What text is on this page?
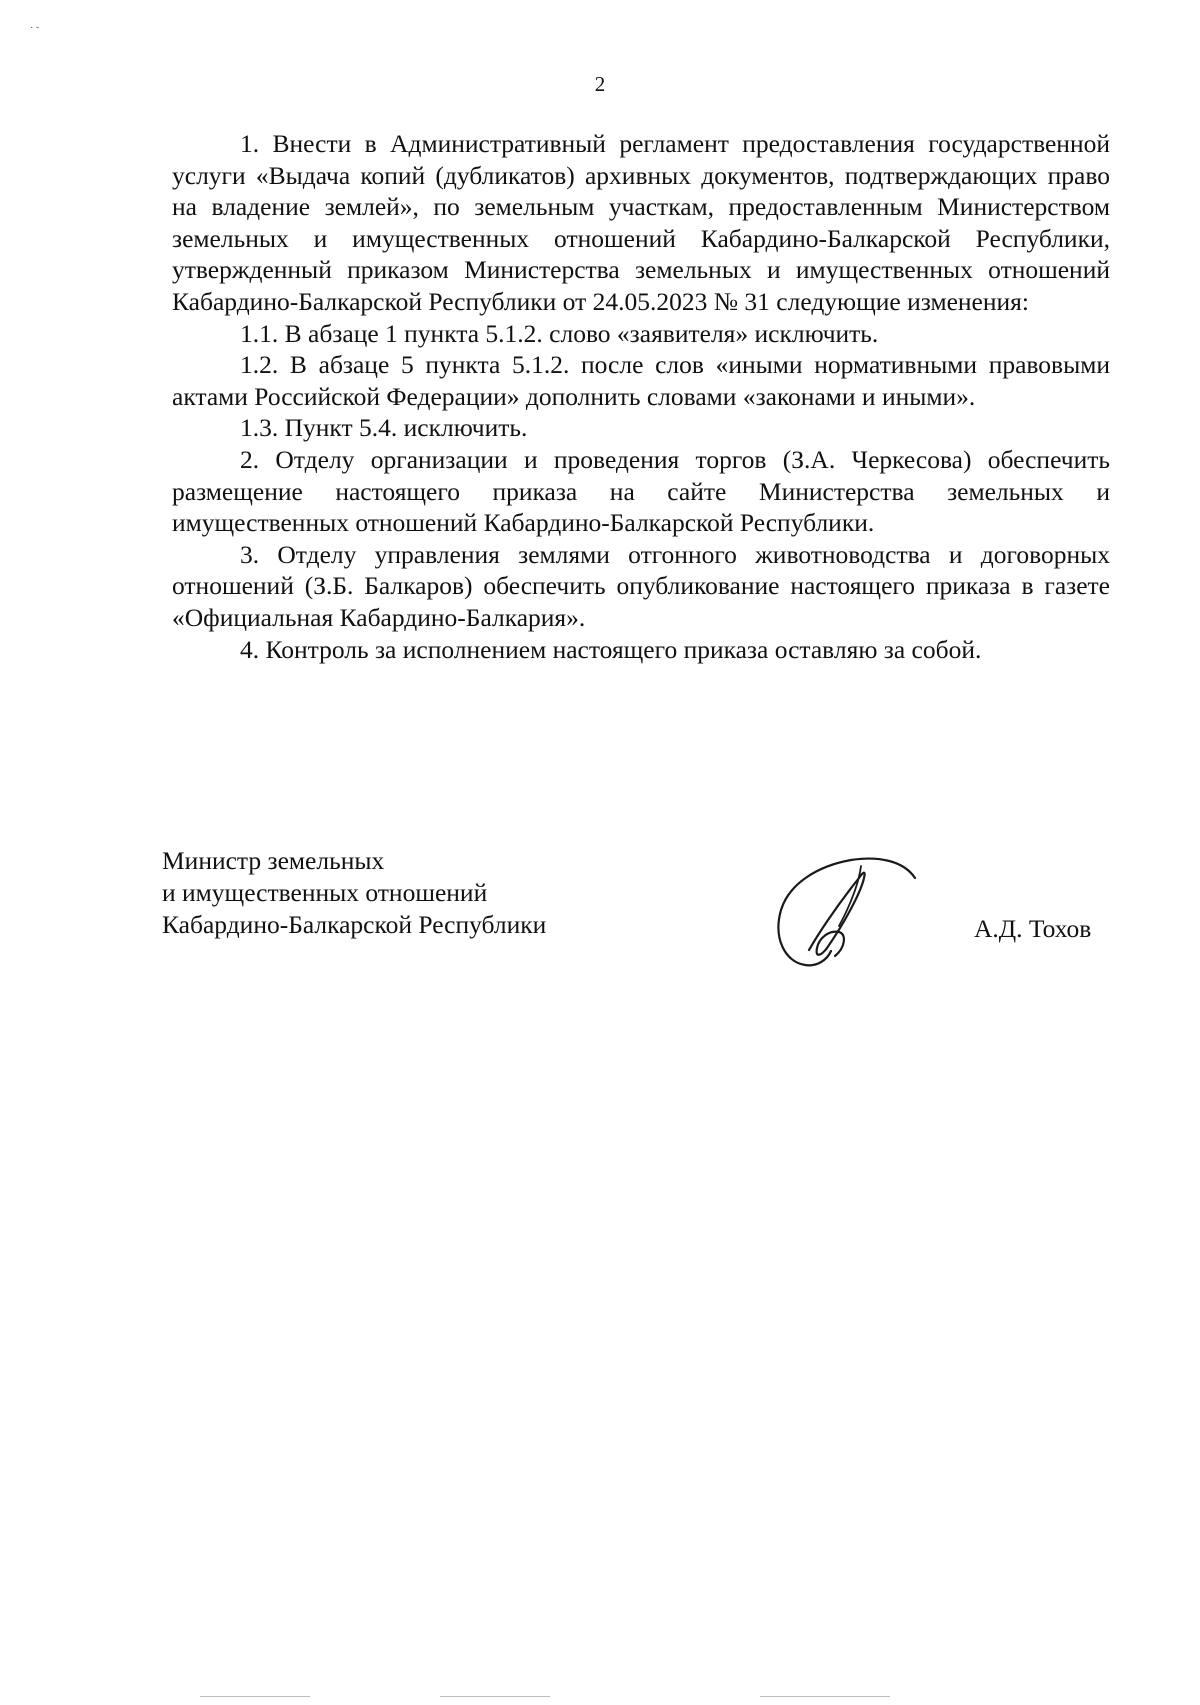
˙ ˘
2

1. Внести в Административный регламент предоставления государственной услуги «Выдача копий (дубликатов) архивных документов, подтверждающих право на владение землей», по земельным участкам, предоставленным Министерством земельных и имущественных отношений Кабардино-Балкарской Республики, утвержденный приказом Министерства земельных и имущественных отношений Кабардино-Балкарской Республики от 24.05.2023 № 31 следующие изменения:

1.1. В абзаце 1 пункта 5.1.2. слово «заявителя» исключить.

1.2. В абзаце 5 пункта 5.1.2. после слов «иными нормативными правовыми актами Российской Федерации» дополнить словами «законами и иными».

1.3. Пункт 5.4. исключить.

2. Отделу организации и проведения торгов (З.А. Черкесова) обеспечить размещение настоящего приказа на сайте Министерства земельных и имущественных отношений Кабардино-Балкарской Республики.

3. Отделу управления землями отгонного животноводства и договорных отношений (З.Б. Балкаров) обеспечить опубликование настоящего приказа в газете «Официальная Кабардино-Балкария».

4. Контроль за исполнением настоящего приказа оставляю за собой.

Министр земельных
и имущественных отношений
Кабардино-Балкарской Республики	А.Д. Тохов
